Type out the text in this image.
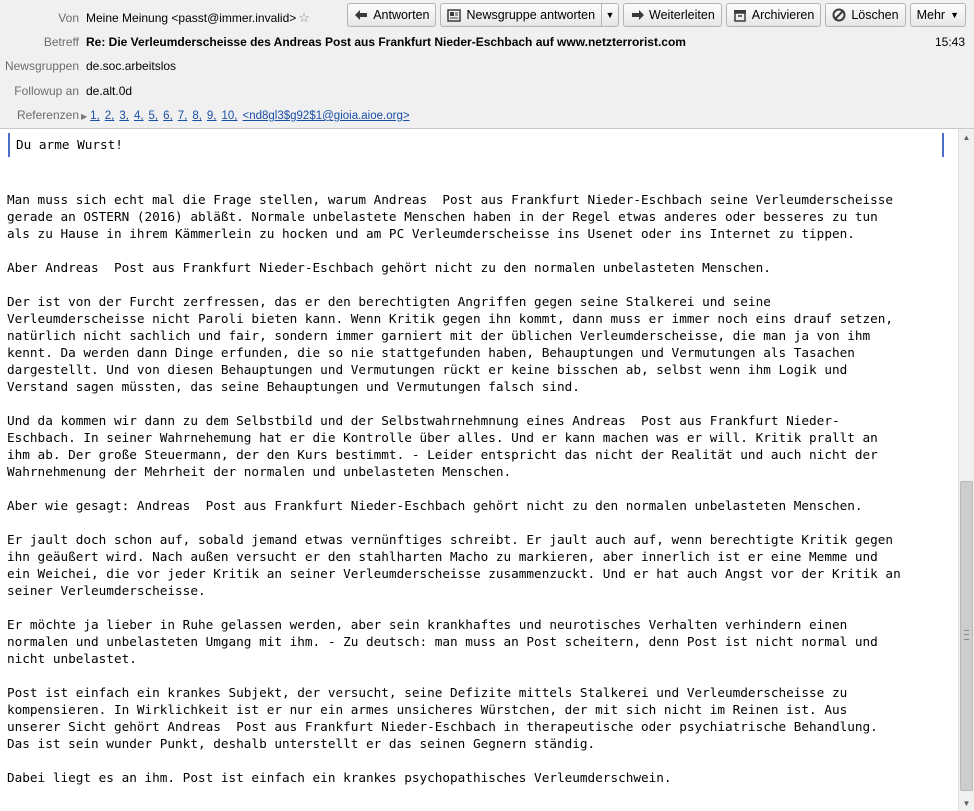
Von Meine Meinung <passt@immer.invalid> ☆	Antworten	Newsgruppe antworten	▼	Weiterleiten	Archivieren	Löschen Mehr ▼
Betreff Re: Die Verleumderscheisse des Andreas Post aus Frankfurt Nieder-Eschbach auf www.netzterrorist.com	15:43
Newsgruppen de.soc.arbeitslos
Followup an de.alt.0d
Referenzen ▶ 1, 2, 3, 4, 5, 6, 7, 8, 9, 10, <nd8gl3$g92$1@gioia.aioe.org>
Du arme Wurst!

Man muss sich echt mal die Frage stellen, warum Andreas  Post aus Frankfurt Nieder-Eschbach seine Verleumderscheisse
gerade an OSTERN (2016) abläßt. Normale unbelastete Menschen haben in der Regel etwas anderes oder besseres zu tun
als zu Hause in ihrem Kämmerlein zu hocken und am PC Verleumderscheisse ins Usenet oder ins Internet zu tippen.

Aber Andreas  Post aus Frankfurt Nieder-Eschbach gehört nicht zu den normalen unbelasteten Menschen.

Der ist von der Furcht zerfressen, das er den berechtigten Angriffen gegen seine Stalkerei und seine
Verleumderscheisse nicht Paroli bieten kann. Wenn Kritik gegen ihn kommt, dann muss er immer noch eins drauf setzen,
natürlich nicht sachlich und fair, sondern immer garniert mit der üblichen Verleumderscheisse, die man ja von ihm
kennt. Da werden dann Dinge erfunden, die so nie stattgefunden haben, Behauptungen und Vermutungen als Tasachen
dargestellt. Und von diesen Behauptungen und Vermutungen rückt er keine bisschen ab, selbst wenn ihm Logik und
Verstand sagen müssten, das seine Behauptungen und Vermutungen falsch sind.

Und da kommen wir dann zu dem Selbstbild und der Selbstwahrnehmnung eines Andreas  Post aus Frankfurt Nieder-
Eschbach. In seiner Wahrnehemung hat er die Kontrolle über alles. Und er kann machen was er will. Kritik prallt an
ihm ab. Der große Steuermann, der den Kurs bestimmt. - Leider entspricht das nicht der Realität und auch nicht der
Wahrnehmenung der Mehrheit der normalen und unbelasteten Menschen.

Aber wie gesagt: Andreas  Post aus Frankfurt Nieder-Eschbach gehört nicht zu den normalen unbelasteten Menschen.

Er jault doch schon auf, sobald jemand etwas vernünftiges schreibt. Er jault auch auf, wenn berechtigte Kritik gegen
ihn geäußert wird. Nach außen versucht er den stahlharten Macho zu markieren, aber innerlich ist er eine Memme und
ein Weichei, die vor jeder Kritik an seiner Verleumderscheisse zusammenzuckt. Und er hat auch Angst vor der Kritik an
seiner Verleumderscheisse.

Er möchte ja lieber in Ruhe gelassen werden, aber sein krankhaftes und neurotisches Verhalten verhindern einen
normalen und unbelasteten Umgang mit ihm. - Zu deutsch: man muss an Post scheitern, denn Post ist nicht normal und
nicht unbelastet.

Post ist einfach ein krankes Subjekt, der versucht, seine Defizite mittels Stalkerei und Verleumderscheisse zu
kompensieren. In Wirklichkeit ist er nur ein armes unsicheres Würstchen, der mit sich nicht im Reinen ist. Aus
unserer Sicht gehört Andreas  Post aus Frankfurt Nieder-Eschbach in therapeutische oder psychiatrische Behandlung.
Das ist sein wunder Punkt, deshalb unterstellt er das seinen Gegnern ständig.

Dabei liegt es an ihm. Post ist einfach ein krankes psychopathisches Verleumderschwein.

▲
▼
